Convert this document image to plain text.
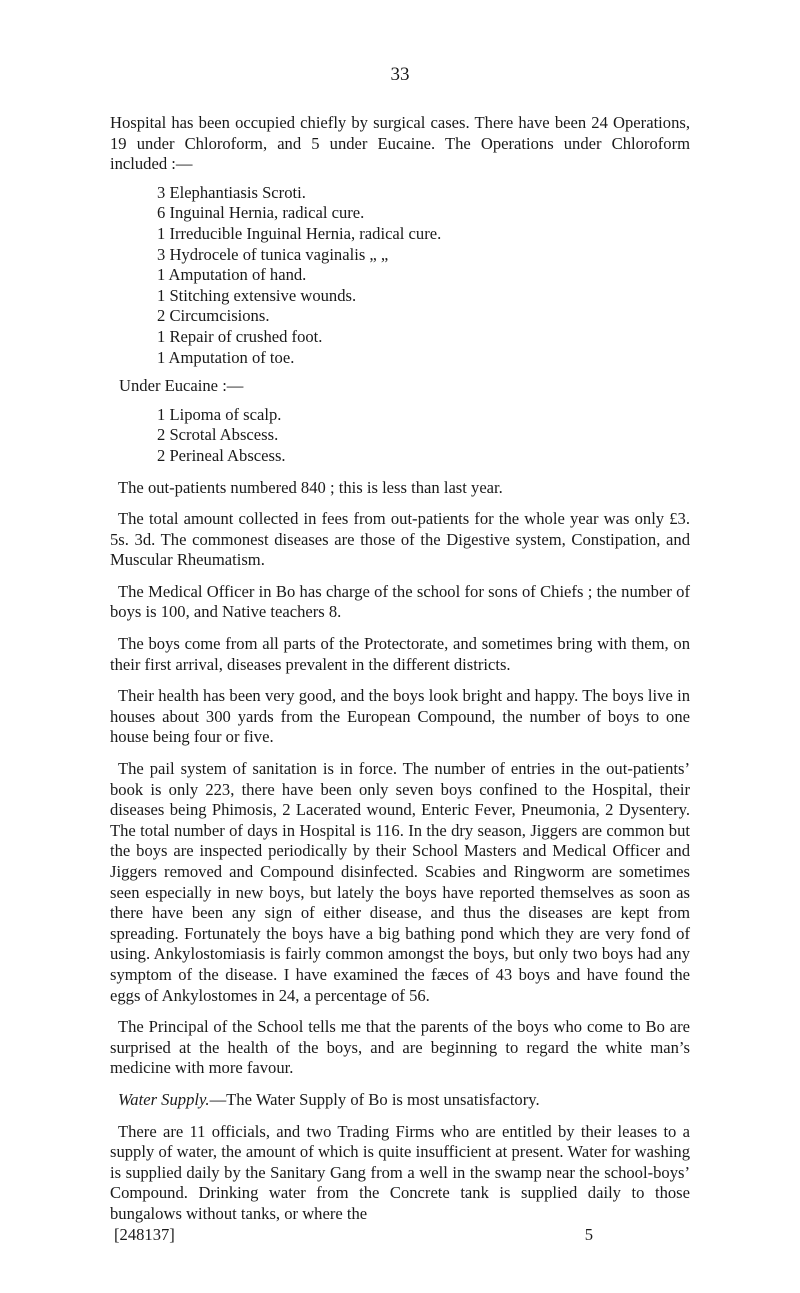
33

Hospital has been occupied chiefly by surgical cases. There have been 24 Operations, 19 under Chloroform, and 5 under Eucaine. The Operations under Chloroform included :—

3 Elephantiasis Scroti.
6 Inguinal Hernia, radical cure.
1 Irreducible Inguinal Hernia, radical cure.
3 Hydrocele of tunica vaginalis „ „
1 Amputation of hand.
1 Stitching extensive wounds.
2 Circumcisions.
1 Repair of crushed foot.
1 Amputation of toe.
Under Eucaine :—
1 Lipoma of scalp.
2 Scrotal Abscess.
2 Perineal Abscess.

The out-patients numbered 840 ; this is less than last year.

The total amount collected in fees from out-patients for the whole year was only £3. 5s. 3d. The commonest diseases are those of the Digestive system, Constipation, and Muscular Rheumatism.

The Medical Officer in Bo has charge of the school for sons of Chiefs ; the number of boys is 100, and Native teachers 8.

The boys come from all parts of the Protectorate, and sometimes bring with them, on their first arrival, diseases prevalent in the different districts.

Their health has been very good, and the boys look bright and happy. The boys live in houses about 300 yards from the European Compound, the number of boys to one house being four or five.

The pail system of sanitation is in force. The number of entries in the out-patients’ book is only 223, there have been only seven boys confined to the Hospital, their diseases being Phimosis, 2 Lacerated wound, Enteric Fever, Pneumonia, 2 Dysentery. The total number of days in Hospital is 116. In the dry season, Jiggers are common but the boys are inspected periodically by their School Masters and Medical Officer and Jiggers removed and Compound disinfected. Scabies and Ringworm are sometimes seen especially in new boys, but lately the boys have reported themselves as soon as there have been any sign of either disease, and thus the diseases are kept from spreading. Fortunately the boys have a big bathing pond which they are very fond of using. Ankylostomiasis is fairly common amongst the boys, but only two boys had any symptom of the disease. I have examined the fæces of 43 boys and have found the eggs of Ankylostomes in 24, a percentage of 56.

The Principal of the School tells me that the parents of the boys who come to Bo are surprised at the health of the boys, and are beginning to regard the white man’s medicine with more favour.

Water Supply.—The Water Supply of Bo is most unsatisfactory.

There are 11 officials, and two Trading Firms who are entitled by their leases to a supply of water, the amount of which is quite insufficient at present. Water for washing is supplied daily by the Sanitary Gang from a well in the swamp near the school-boys’ Compound. Drinking water from the Concrete tank is supplied daily to those bungalows without tanks, or where the

[248137]	5
